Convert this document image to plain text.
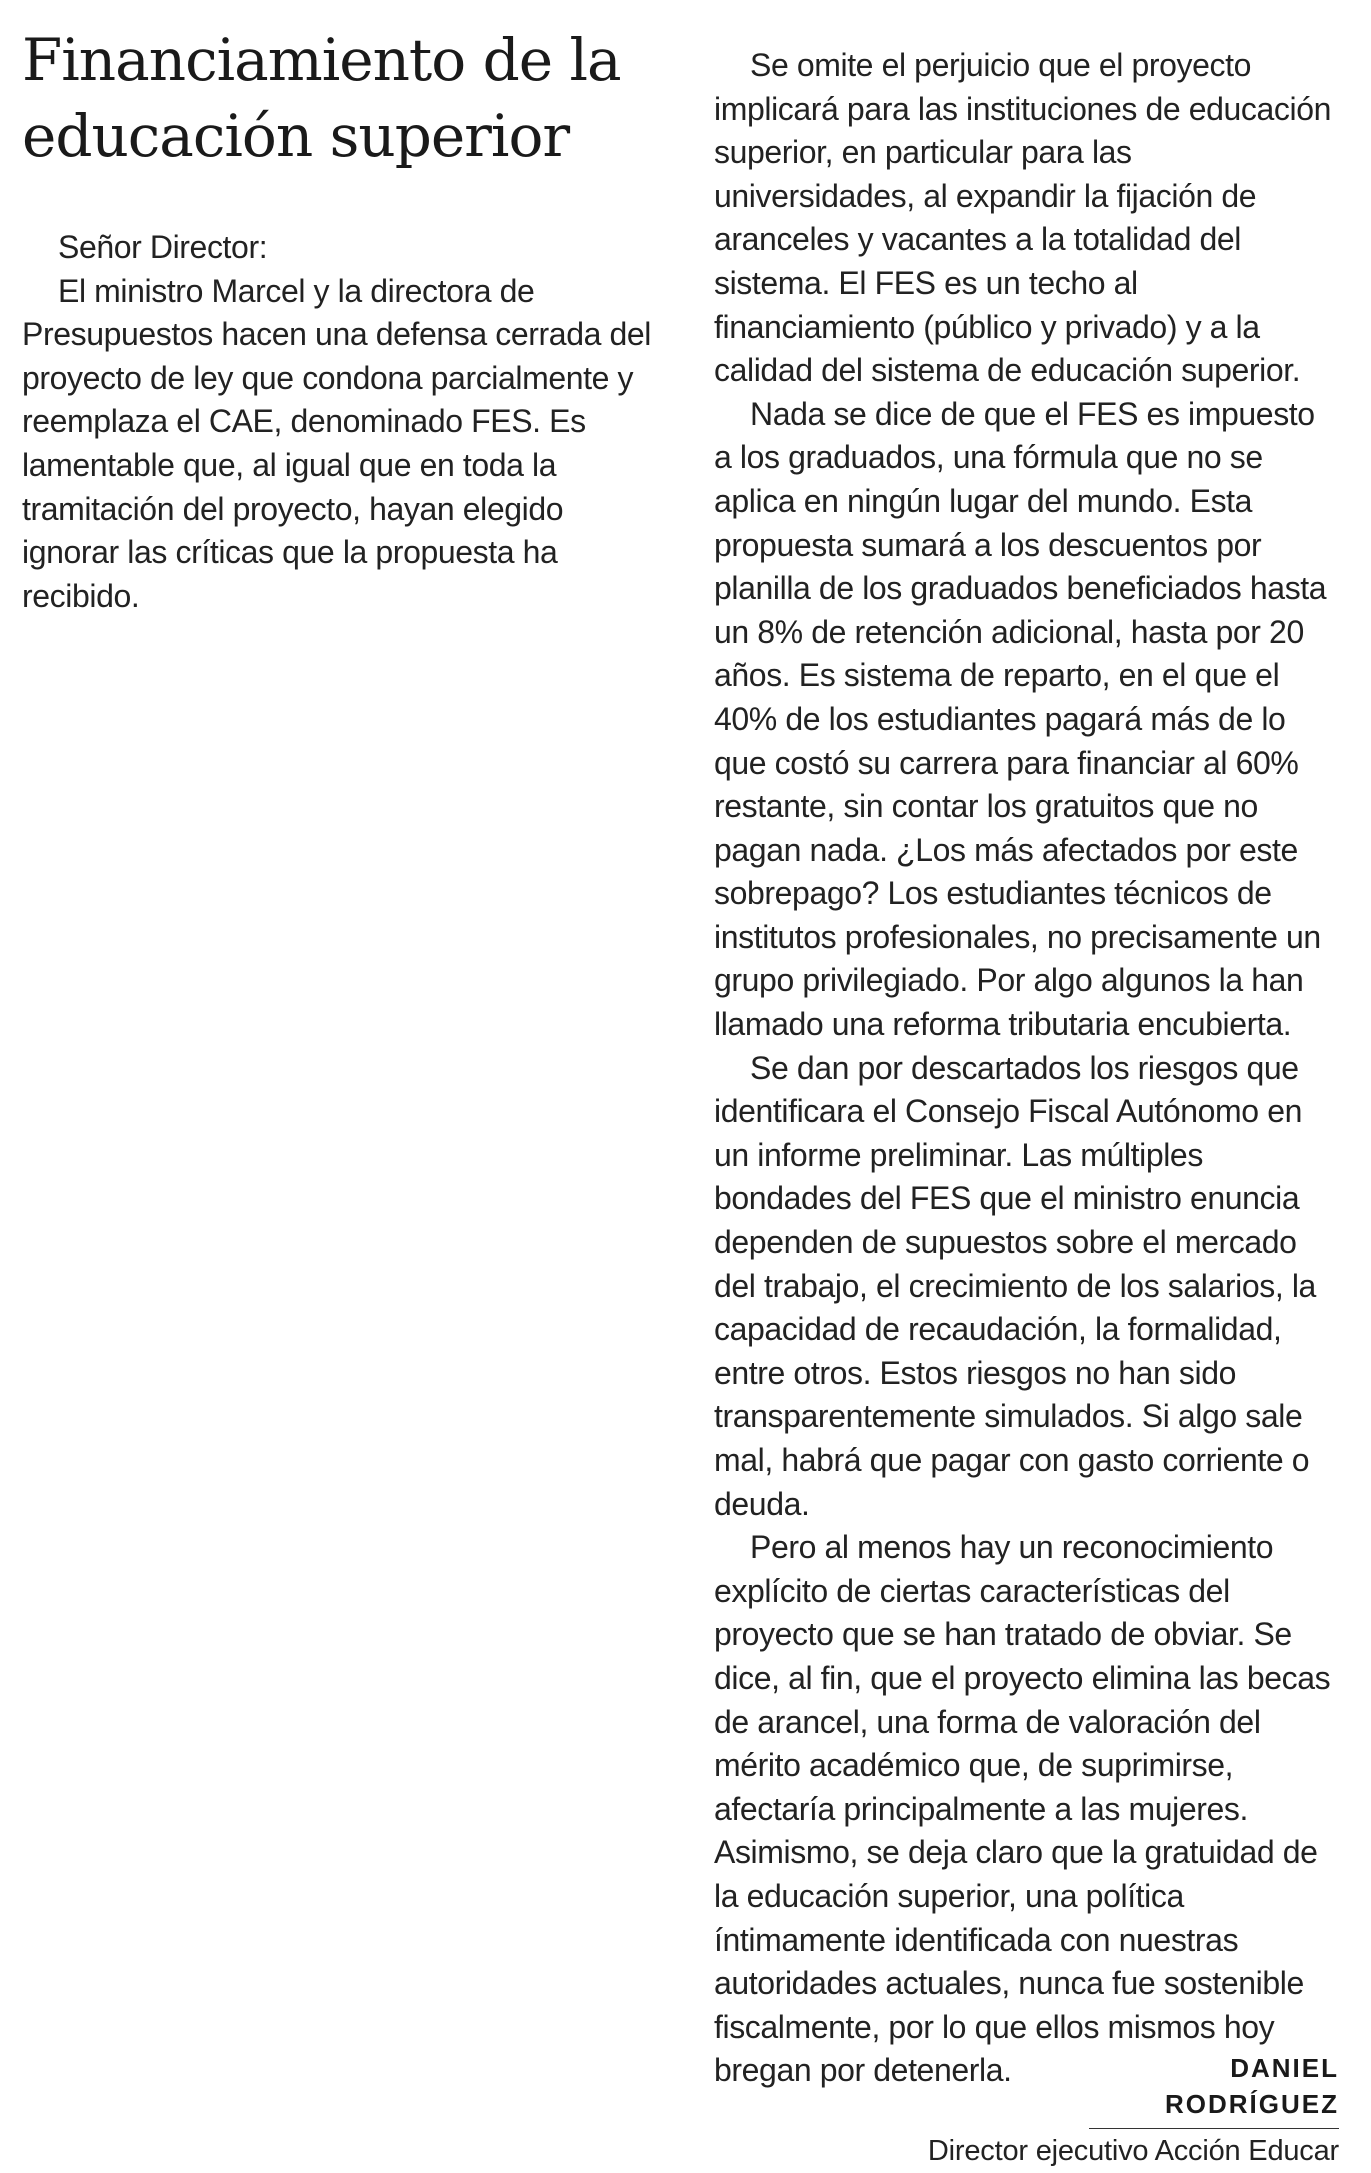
Financiamiento de la educación superior

Señor Director:

El ministro Marcel y la directora de Presupuestos hacen una defensa cerrada del proyecto de ley que condona parcialmente y reemplaza el CAE, denominado FES. Es lamentable que, al igual que en toda la tramitación del proyecto, hayan elegido ignorar las críticas que la propuesta ha recibido.

Se omite el perjuicio que el proyecto implicará para las instituciones de educación superior, en particular para las universidades, al expandir la fijación de aranceles y vacantes a la totalidad del sistema. El FES es un techo al financiamiento (público y privado) y a la calidad del sistema de educación superior.

Nada se dice de que el FES es impuesto a los graduados, una fórmula que no se aplica en ningún lugar del mundo. Esta propuesta sumará a los descuentos por planilla de los graduados beneficiados hasta un 8% de retención adicional, hasta por 20 años. Es sistema de reparto, en el que el 40% de los estudiantes pagará más de lo que costó su carrera para financiar al 60% restante, sin contar los gratuitos que no pagan nada. ¿Los más afectados por este sobrepago? Los estudiantes técnicos de institutos profesionales, no precisamente un grupo privilegiado. Por algo algunos la han llamado una reforma tributaria encubierta.

Se dan por descartados los riesgos que identificara el Consejo Fiscal Autónomo en un informe preliminar. Las múltiples bondades del FES que el ministro enuncia dependen de supuestos sobre el mercado del trabajo, el crecimiento de los salarios, la capacidad de recaudación, la formalidad, entre otros. Estos riesgos no han sido transparentemente simulados. Si algo sale mal, habrá que pagar con gasto corriente o deuda.

Pero al menos hay un reconocimiento explícito de ciertas características del proyecto que se han tratado de obviar. Se dice, al fin, que el proyecto elimina las becas de arancel, una forma de valoración del mérito académico que, de suprimirse, afectaría principalmente a las mujeres. Asimismo, se deja claro que la gratuidad de la educación superior, una política íntimamente identificada con nuestras autoridades actuales, nunca fue sostenible fiscalmente, por lo que ellos mismos hoy bregan por detenerla.	DANIEL RODRÍGUEZ
Director ejecutivo Acción Educar
